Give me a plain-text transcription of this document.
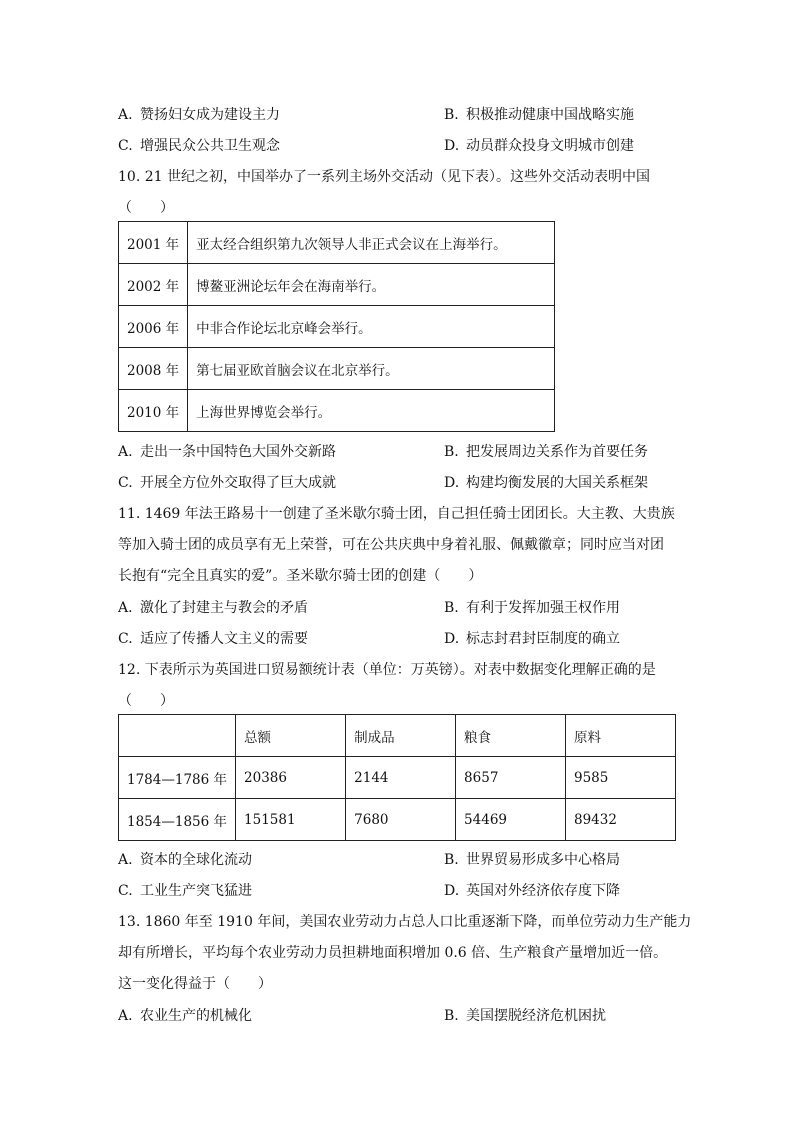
A. 赞扬妇女成为建设主力	B. 积极推动健康中国战略实施
C. 增强民众公共卫生观念	D. 动员群众投身文明城市创建
10. 21 世纪之初，中国举办了一系列主场外交活动（见下表）。这些外交活动表明中国
（　　）
2001 年	亚太经合组织第九次领导人非正式会议在上海举行。
2002 年	博鳌亚洲论坛年会在海南举行。
2006 年	中非合作论坛北京峰会举行。
2008 年	第七届亚欧首脑会议在北京举行。
2010 年	上海世界博览会举行。
A. 走出一条中国特色大国外交新路	B. 把发展周边关系作为首要任务
C. 开展全方位外交取得了巨大成就	D. 构建均衡发展的大国关系框架
11. 1469 年法王路易十一创建了圣米歇尔骑士团，自己担任骑士团团长。大主教、大贵族
等加入骑士团的成员享有无上荣誉，可在公共庆典中身着礼服、佩戴徽章；同时应当对团
长抱有“完全且真实的爱”。圣米歇尔骑士团的创建（　　）
A. 激化了封建主与教会的矛盾	B. 有利于发挥加强王权作用
C. 适应了传播人文主义的需要	D. 标志封君封臣制度的确立
12. 下表所示为英国进口贸易额统计表（单位：万英镑）。对表中数据变化理解正确的是
（　　）
	总额	制成品	粮食	原料
1784—1786 年	20386	2144	8657	9585
1854—1856 年	151581	7680	54469	89432
A. 资本的全球化流动	B. 世界贸易形成多中心格局
C. 工业生产突飞猛进	D. 英国对外经济依存度下降
13. 1860 年至 1910 年间，美国农业劳动力占总人口比重逐渐下降，而单位劳动力生产能力
却有所增长，平均每个农业劳动力员担耕地面积增加 0.6 倍、生产粮食产量增加近一倍。
这一变化得益于（　　）
A. 农业生产的机械化	B. 美国摆脱经济危机困扰
